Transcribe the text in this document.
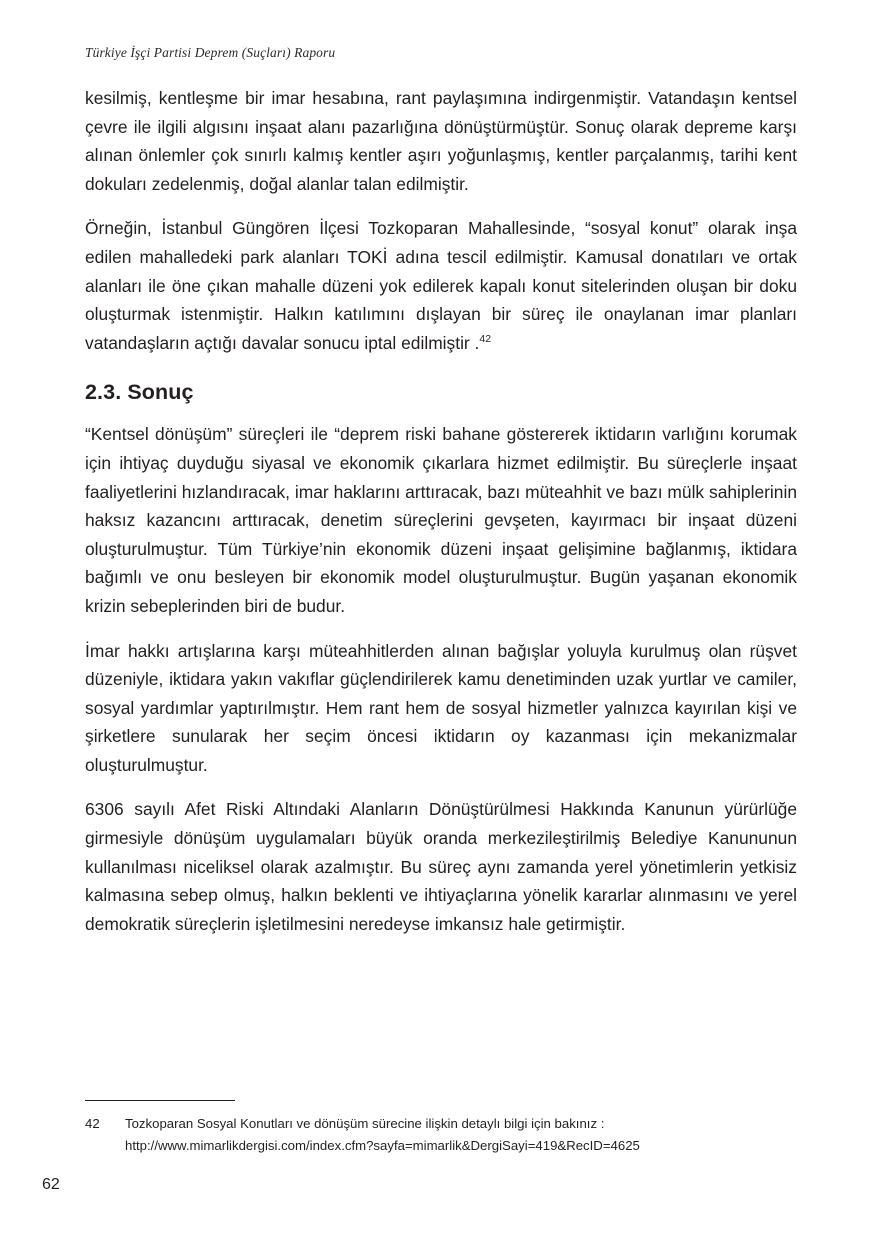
Türkiye İşçi Partisi Deprem (Suçları) Raporu

kesilmiş, kentleşme bir imar hesabına, rant paylaşımına indirgenmiştir. Vatandaşın kentsel çevre ile ilgili algısını inşaat alanı pazarlığına dönüştürmüştür. Sonuç olarak depreme karşı alınan önlemler çok sınırlı kalmış kentler aşırı yoğunlaşmış, kentler parçalanmış, tarihi kent dokuları zedelenmiş, doğal alanlar talan edilmiştir.

Örneğin, İstanbul Güngören İlçesi Tozkoparan Mahallesinde, “sosyal konut” olarak inşa edilen mahalledeki park alanları TOKİ adına tescil edilmiştir. Kamusal donatıları ve ortak alanları ile öne çıkan mahalle düzeni yok edilerek kapalı konut sitelerinden oluşan bir doku oluşturmak istenmiştir. Halkın katılımını dışlayan bir süreç ile onaylanan imar planları vatandaşların açtığı davalar sonucu iptal edilmiştir .$^{42}$

2.3. Sonuç

“Kentsel dönüşüm” süreçleri ile “deprem riski bahane göstererek iktidarın varlığını korumak için ihtiyaç duyduğu siyasal ve ekonomik çıkarlara hizmet edilmiştir. Bu süreçlerle inşaat faaliyetlerini hızlandıracak, imar haklarını arttıracak, bazı müteahhit ve bazı mülk sahiplerinin haksız kazancını arttıracak, denetim süreçlerini gevşeten, kayırmacı bir inşaat düzeni oluşturulmuştur. Tüm Türkiye’nin ekonomik düzeni inşaat gelişimine bağlanmış, iktidara bağımlı ve onu besleyen bir ekonomik model oluşturulmuştur. Bugün yaşanan ekonomik krizin sebeplerinden biri de budur.

İmar hakkı artışlarına karşı müteahhitlerden alınan bağışlar yoluyla kurulmuş olan rüşvet düzeniyle, iktidara yakın vakıflar güçlendirilerek kamu denetiminden uzak yurtlar ve camiler, sosyal yardımlar yaptırılmıştır. Hem rant hem de sosyal hizmetler yalnızca kayırılan kişi ve şirketlere sunularak her seçim öncesi iktidarın oy kazanması için mekanizmalar oluşturulmuştur.

6306 sayılı Afet Riski Altındaki Alanların Dönüştürülmesi Hakkında Kanunun yürürlüğe girmesiyle dönüşüm uygulamaları büyük oranda merkezileştirilmiş Belediye Kanununun kullanılması niceliksel olarak azalmıştır. Bu süreç aynı zamanda yerel yönetimlerin yetkisiz kalmasına sebep olmuş, halkın beklenti ve ihtiyaçlarına yönelik kararlar alınmasını ve yerel demokratik süreçlerin işletilmesini neredeyse imkansız hale getirmiştir.

42	Tozkoparan Sosyal Konutları ve dönüşüm sürecine ilişkin detaylı bilgi için bakınız : http://www.mimarlikdergisi.com/index.cfm?sayfa=mimarlik&DergiSayi=419&RecID=4625
62
